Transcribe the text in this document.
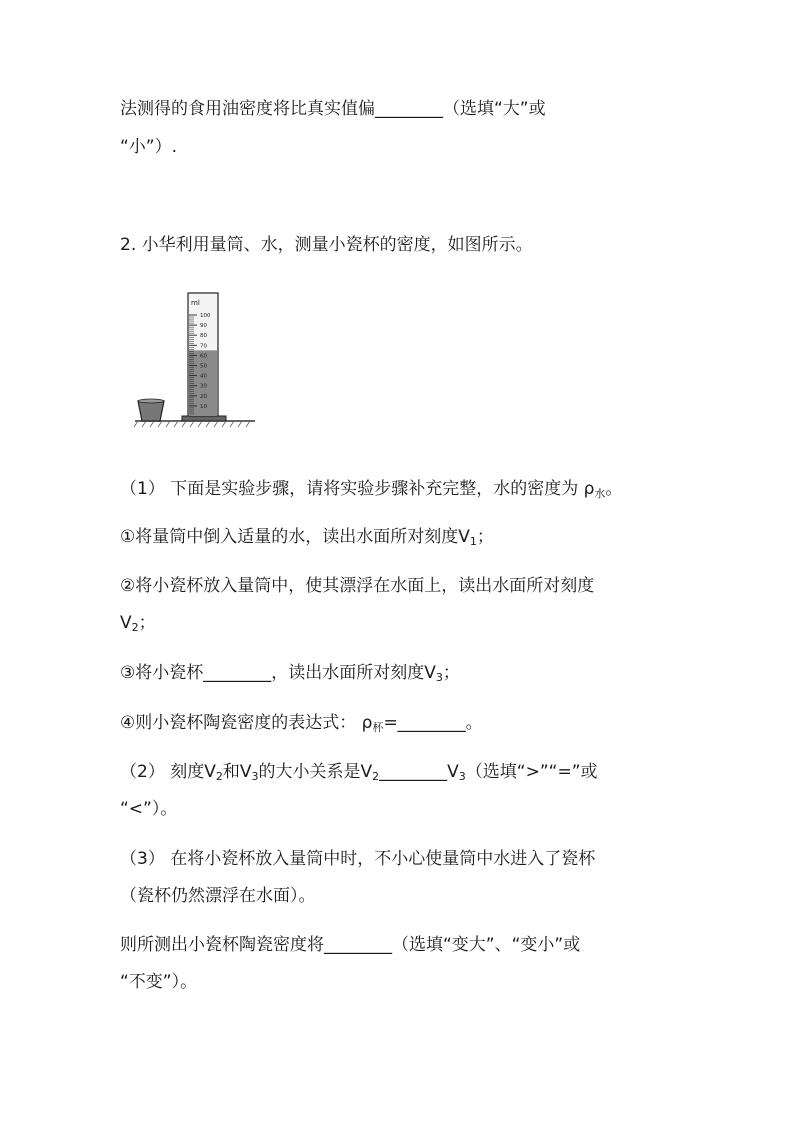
法测得的食用油密度将比真实值偏________（选填“大”或
“小”）.
2. 小华利用量筒、水，测量小瓷杯的密度，如图所示。
100
90
80
70
60
50
40
30
20
10
ml
（1） 下面是实验步骤，请将实验步骤补充完整，水的密度为 $\rho_水$。
①将量筒中倒入适量的水，读出水面所对刻度$V_1$；
②将小瓷杯放入量筒中，使其漂浮在水面上，读出水面所对刻度
$V_2$；
③将小瓷杯________，读出水面所对刻度$V_3$；
④则小瓷杯陶瓷密度的表达式： $\rho_杯=\_\_\_\_\_\_\_\_$。
（2） 刻度$V_2$和$V_3$的大小关系是$V_2\_\_\_\_\_\_\_\_V_3$（选填“>”“=”或
“<”）。
（3） 在将小瓷杯放入量筒中时，不小心使量筒中水进入了瓷杯
（瓷杯仍然漂浮在水面）。
则所测出小瓷杯陶瓷密度将________（选填“变大”、“变小”或
“不变”）。
